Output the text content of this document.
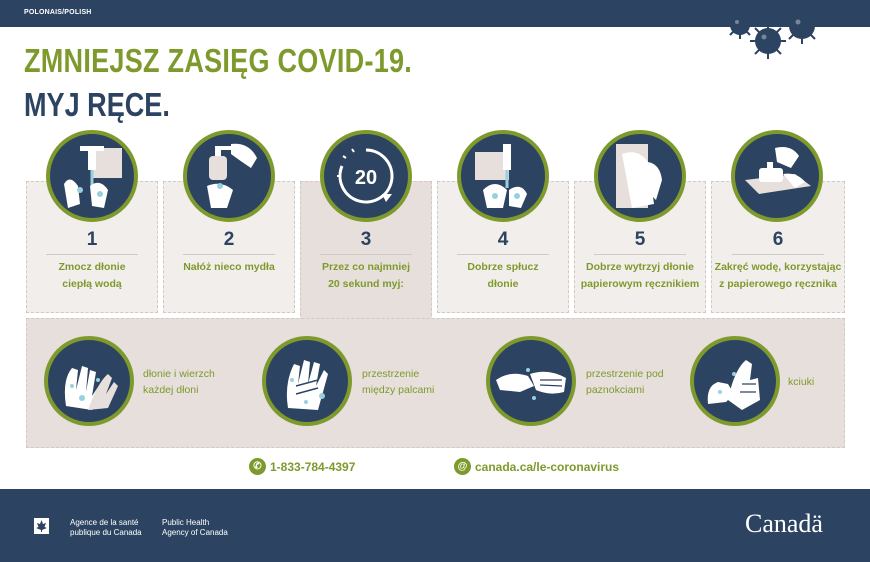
POLONAIS/POLISH
ZMNIEJSZ ZASIĘG COVID-19.
MYJ RĘCE.
20
1
Zmocz dłonie
ciepłą wodą
2
Nałóż nieco mydła
3
Przez co najmniej
20 sekund myj:
4
Dobrze spłucz
dłonie
5
Dobrze wytrzyj dłonie
papierowym ręcznikiem
6
Zakręć wodę, korzystając
z papierowego ręcznika
dłonie i wierzch
każdej dłoni
przestrzenie
między palcami
przestrzenie pod
paznokciami
kciuki
✆ 1-833-784-4397	@ canada.ca/le-coronavirus
Agence de la santé
publique du Canada
Public Health
Agency of Canada	Canadä
